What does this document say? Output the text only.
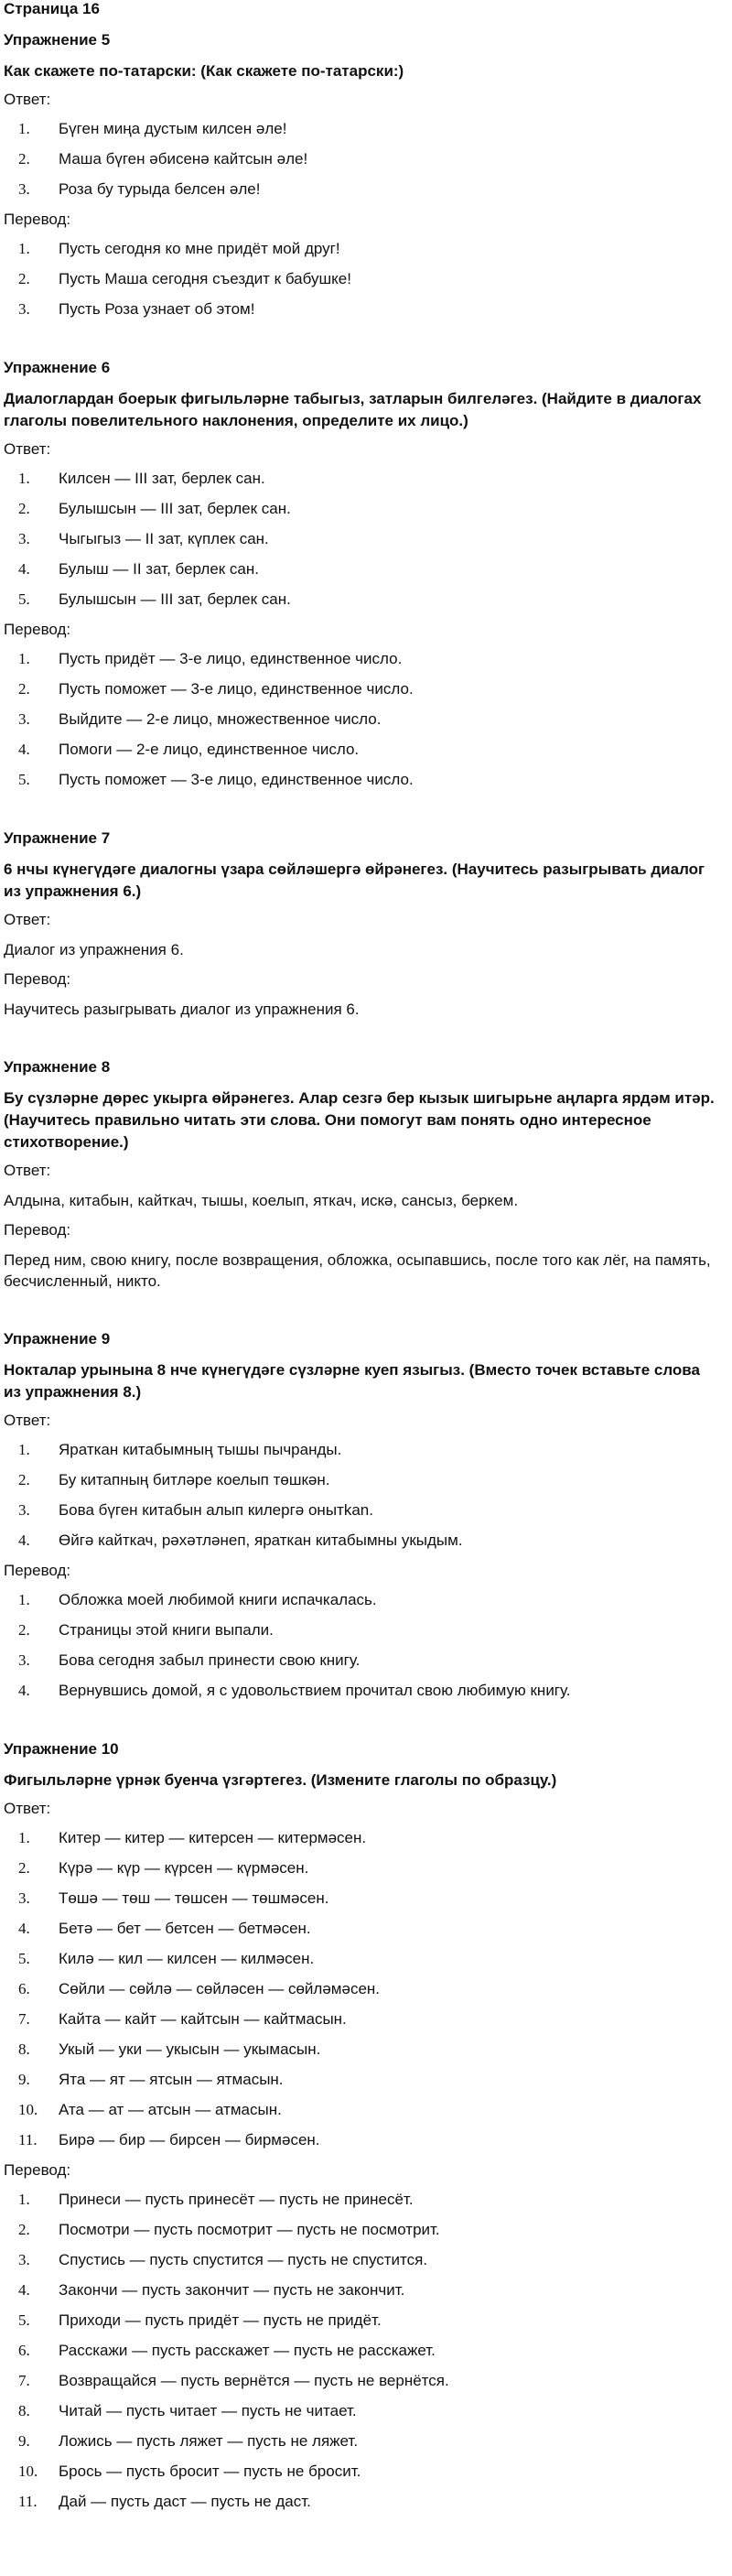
Страница 16
Упражнение 5
Как скажете по-татарски: (Как скажете по-татарски:)
Ответ:
1.	Бүген миңа дустым килсен әле!
2.	Маша бүген әбисенә кайтсын әле!
3.	Роза бу турыда белсен әле!
Перевод:
1.	Пусть сегодня ко мне придёт мой друг!
2.	Пусть Маша сегодня съездит к бабушке!
3.	Пусть Роза узнает об этом!
Упражнение 6
Диалоглардан боерык фигыльләрне табыгыз, затларын билгеләгез. (Найдите в диалогах глаголы повелительного наклонения, определите их лицо.)
Ответ:
1.	Килсен — III зат, берлек сан.
2.	Булышсын — III зат, берлек сан.
3.	Чыгыгыз — II зат, күплек сан.
4.	Булыш — II зат, берлек сан.
5.	Булышсын — III зат, берлек сан.
Перевод:
1.	Пусть придёт — 3-е лицо, единственное число.
2.	Пусть поможет — 3-е лицо, единственное число.
3.	Выйдите — 2-е лицо, множественное число.
4.	Помоги — 2-е лицо, единственное число.
5.	Пусть поможет — 3-е лицо, единственное число.
Упражнение 7
6 нчы күнегүдәге диалогны үзара сөйләшергә өйрәнегез. (Научитесь разыгрывать диалог из упражнения 6.)
Ответ:
Диалог из упражнения 6.
Перевод:
Научитесь разыгрывать диалог из упражнения 6.
Упражнение 8
Бу сүзләрне дөрес укырга өйрәнегез. Алар сезгә бер кызык шигырьне аңларга ярдәм итәр. (Научитесь правильно читать эти слова. Они помогут вам понять одно интересное стихотворение.)
Ответ:
Алдына, китабын, кайткач, тышы, коелып, яткач, искә, сансыз, беркем.
Перевод:
Перед ним, свою книгу, после возвращения, обложка, осыпавшись, после того как лёг, на память, бесчисленный, никто.
Упражнение 9
Нокталар урынына 8 нче күнегүдәге сүзләрне куеп языгыз. (Вместо точек вставьте слова из упражнения 8.)
Ответ:
1.	Яраткан китабымның тышы пычранды.
2.	Бу китапның битләре коелып төшкән.
3.	Бова бүген китабын алып килергә онытkan.
4.	Өйгә кайткач, рәхәтләнеп, яраткан китабымны укыдым.
Перевод:
1.	Обложка моей любимой книги испачкалась.
2.	Страницы этой книги выпали.
3.	Бова сегодня забыл принести свою книгу.
4.	Вернувшись домой, я с удовольствием прочитал свою любимую книгу.
Упражнение 10
Фигыльләрне үрнәк буенча үзгәртегез. (Измените глаголы по образцу.)
Ответ:
1.	Китер — китер — китерсен — китермәсен.
2.	Күрә — күр — күрсен — күрмәсен.
3.	Төшә — төш — төшсен — төшмәсен.
4.	Бетә — бет — бетсен — бетмәсен.
5.	Килә — кил — килсен — килмәсен.
6.	Сөйли — сөйлә — сөйләсен — сөйләмәсен.
7.	Кайта — кайт — кайтсын — кайтмасын.
8.	Укый — уки — укысын — укымасын.
9.	Ята — ят — ятсын — ятмасын.
10.	Ата — ат — атсын — атмасын.
11.	Бирә — бир — бирсен — бирмәсен.
Перевод:
1.	Принеси — пусть принесёт — пусть не принесёт.
2.	Посмотри — пусть посмотрит — пусть не посмотрит.
3.	Спустись — пусть спустится — пусть не спустится.
4.	Закончи — пусть закончит — пусть не закончит.
5.	Приходи — пусть придёт — пусть не придёт.
6.	Расскажи — пусть расскажет — пусть не расскажет.
7.	Возвращайся — пусть вернётся — пусть не вернётся.
8.	Читай — пусть читает — пусть не читает.
9.	Ложись — пусть ляжет — пусть не ляжет.
10.	Брось — пусть бросит — пусть не бросит.
11.	Дай — пусть даст — пусть не даст.
